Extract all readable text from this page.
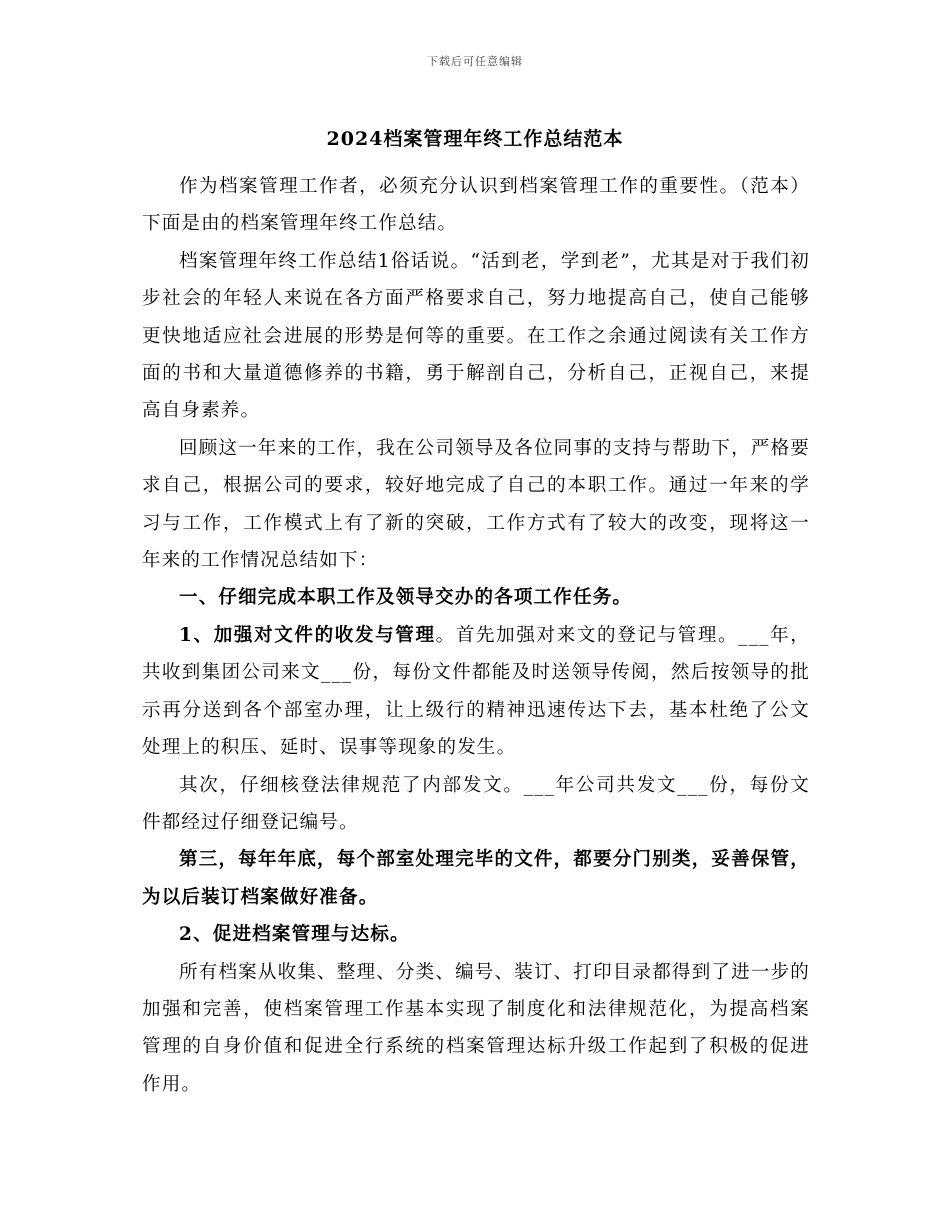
下载后可任意编辑
2024档案管理年终工作总结范本

作为档案管理工作者，必须充分认识到档案管理工作的重要性。（范本）下面是由的档案管理年终工作总结。

档案管理年终工作总结1俗话说。“活到老，学到老”，尤其是对于我们初步社会的年轻人来说在各方面严格要求自己，努力地提高自己，使自己能够更快地适应社会进展的形势是何等的重要。在工作之余通过阅读有关工作方面的书和大量道德修养的书籍，勇于解剖自己，分析自己，正视自己，来提高自身素养。

回顾这一年来的工作，我在公司领导及各位同事的支持与帮助下，严格要求自己，根据公司的要求，较好地完成了自己的本职工作。通过一年来的学习与工作，工作模式上有了新的突破，工作方式有了较大的改变，现将这一年来的工作情况总结如下：

一、仔细完成本职工作及领导交办的各项工作任务。

1、加强对文件的收发与管理。首先加强对来文的登记与管理。___年，共收到集团公司来文___份，每份文件都能及时送领导传阅，然后按领导的批示再分送到各个部室办理，让上级行的精神迅速传达下去，基本杜绝了公文处理上的积压、延时、误事等现象的发生。

其次，仔细核登法律规范了内部发文。___年公司共发文___份，每份文件都经过仔细登记编号。

第三，每年年底，每个部室处理完毕的文件，都要分门别类，妥善保管，为以后装订档案做好准备。

2、促进档案管理与达标。

所有档案从收集、整理、分类、编号、装订、打印目录都得到了进一步的加强和完善，使档案管理工作基本实现了制度化和法律规范化，为提高档案管理的自身价值和促进全行系统的档案管理达标升级工作起到了积极的促进作用。
